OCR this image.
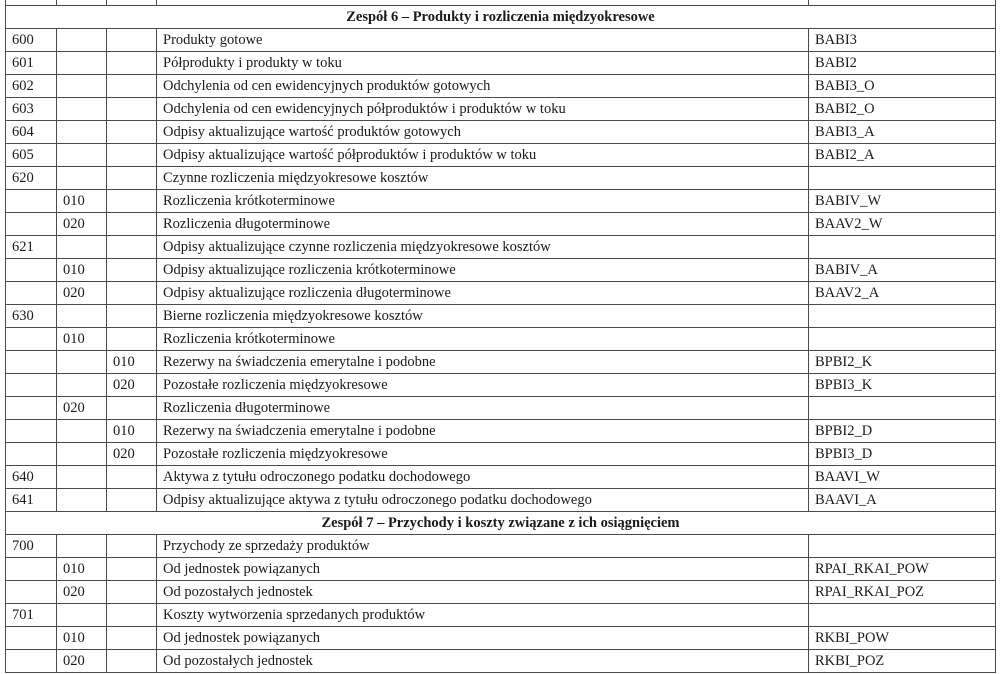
Zespół 6 – Produkty i rozliczenia międzyokresowe				
600			Produkty gotowe	BABI3
601			Półprodukty i produkty w toku	BABI2
602			Odchylenia od cen ewidencyjnych produktów gotowych	BABI3_O
603			Odchylenia od cen ewidencyjnych półproduktów i produktów w toku	BABI2_O
604			Odpisy aktualizujące wartość produktów gotowych	BABI3_A
605			Odpisy aktualizujące wartość półproduktów i produktów w toku	BABI2_A
620			Czynne rozliczenia międzyokresowe kosztów	
	010		Rozliczenia krótkoterminowe	BABIV_W
	020		Rozliczenia długoterminowe	BAAV2_W
621			Odpisy aktualizujące czynne rozliczenia międzyokresowe kosztów	
	010		Odpisy aktualizujące rozliczenia krótkoterminowe	BABIV_A
	020		Odpisy aktualizujące rozliczenia długoterminowe	BAAV2_A
630			Bierne rozliczenia międzyokresowe kosztów	
	010		Rozliczenia krótkoterminowe	
		010	Rezerwy na świadczenia emerytalne i podobne	BPBI2_K
		020	Pozostałe rozliczenia międzyokresowe	BPBI3_K
	020		Rozliczenia długoterminowe	
		010	Rezerwy na świadczenia emerytalne i podobne	BPBI2_D
		020	Pozostałe rozliczenia międzyokresowe	BPBI3_D
640			Aktywa z tytułu odroczonego podatku dochodowego	BAAVI_W
641			Odpisy aktualizujące aktywa z tytułu odroczonego podatku dochodowego	BAAVI_A
Zespół 7 – Przychody i koszty związane z ich osiągnięciem				
700			Przychody ze sprzedaży produktów	
	010		Od jednostek powiązanych	RPAI_RKAI_POW
	020		Od pozostałych jednostek	RPAI_RKAI_POZ
701			Koszty wytworzenia sprzedanych produktów	
	010		Od jednostek powiązanych	RKBI_POW
	020		Od pozostałych jednostek	RKBI_POZ
